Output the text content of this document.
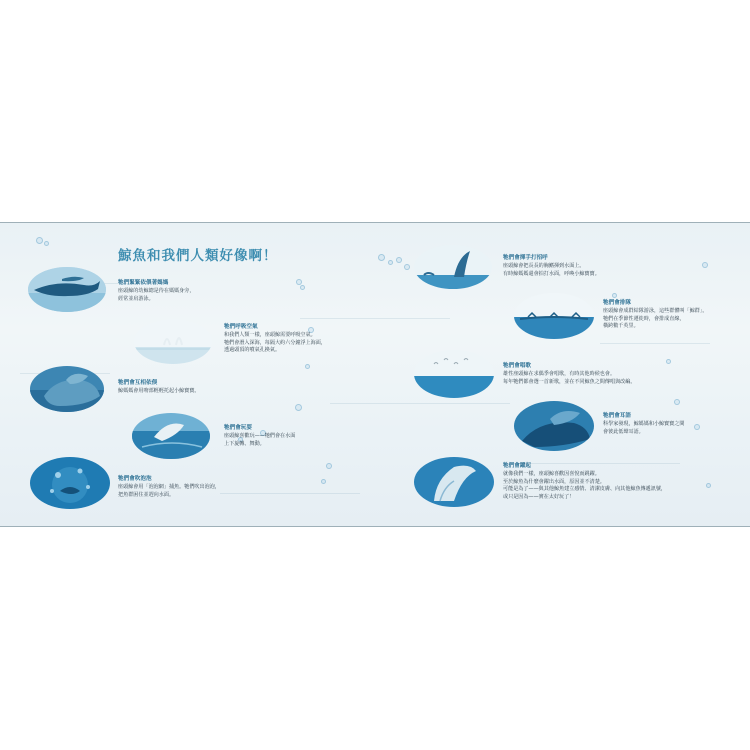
鯨魚和我們人類好像啊！
牠們緊緊依偎著媽媽
座頭鯨的幼鯨總是待在媽媽身旁，
經常並肩游泳。
牠們呼吸空氣
和我們人類一樣，座頭鯨需要呼吸空氣。
牠們會潛入深海，每隔大約六分鐘浮上海面，
透過頭頂的噴氣孔換氣。
牠們會互相依偎
鯨媽媽會用吻部輕輕托起小鯨寶寶。
牠們會玩耍
座頭鯨喜歡玩——牠們會在水面
上下旋轉、舞動。
牠們會吹泡泡
座頭鯨會用「泡泡網」捕魚。牠們吹出泡泡，
把魚群困住並趕向水面。
牠們會揮手打招呼
座頭鯨會把長長的胸鰭揮到水面上。
有時鯨媽媽還會拍打水面，呼喚小鯨寶寶。
牠們會排隊
座頭鯨會成群結隊游泳，這些群體叫「鯨群」。
牠們在季節性遷徙時，會排成直線，
橫跨數千英里。
牠們會唱歌
雄性座頭鯨在求偶季會唱歌，有時其他時候也會。
每年牠們都會選一首新歌，並在不同鯨魚之間傳唱與改編。
牠們會耳語
科學家發現，鯨媽媽和小鯨寶寶之間
會彼此低聲耳語。
牠們會躍起
就像我們一樣，座頭鯨喜歡因喜悅而跳躍。
至於鯨魚為什麼會躍出水面，原因並不清楚。
可能是為了——與其他鯨魚建立感情、清潔皮膚、向其他鯨魚傳遞訊號，
或只是因為——實在太好玩了！
